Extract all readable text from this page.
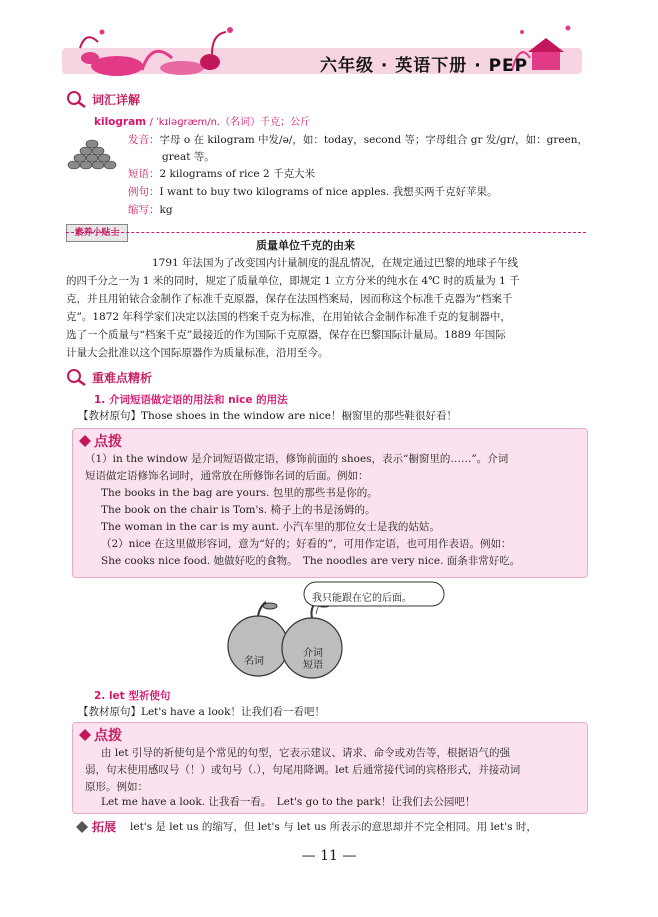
六年级 · 英语下册 · PEP
词汇详解
kilogram / ˈkɪləɡræm/n.（名词）千克；公斤
发音：字母 o 在 kilogram 中发/ə/，如：today，second 等；字母组合 gr 发/ɡr/，如：green，
great 等。
短语：2 kilograms of rice 2 千克大米
例句：I want to buy two kilograms of nice apples. 我想买两千克好苹果。
缩写：kg
素养小贴士
质量单位千克的由来
1791 年法国为了改变国内计量制度的混乱情况，在规定通过巴黎的地球子午线
的四千分之一为 1 米的同时，规定了质量单位，即规定 1 立方分米的纯水在 4℃ 时的质量为 1 千
克，并且用铂铱合金制作了标准千克原器，保存在法国档案局，因而称这个标准千克器为“档案千
克”。1872 年科学家们决定以法国的档案千克为标准，在用铂铱合金制作标准千克的复制器中，
选了一个质量与“档案千克”最接近的作为国际千克原器，保存在巴黎国际计量局。1889 年国际
计量大会批准以这个国际原器作为质量标准，沿用至今。
重难点精析
1. 介词短语做定语的用法和 nice 的用法
【教材原句】Those shoes in the window are nice！橱窗里的那些鞋很好看！
点拨
（1）in the window 是介词短语做定语，修饰前面的 shoes，表示“橱窗里的……”。介词
短语做定语修饰名词时，通常放在所修饰名词的后面。例如：
The books in the bag are yours. 包里的那些书是你的。
The book on the chair is Tom's. 椅子上的书是汤姆的。
The woman in the car is my aunt. 小汽车里的那位女士是我的姑姑。
（2）nice 在这里做形容词，意为“好的；好看的”，可用作定语，也可用作表语。例如：
She cooks nice food. 她做好吃的食物。　The noodles are very nice. 面条非常好吃。
我只能跟在它的后面。
名词
介词短语
2. let 型祈使句
【教材原句】Let's have a look！让我们看一看吧！
点拨
由 let 引导的祈使句是个常见的句型，它表示建议、请求、命令或劝告等，根据语气的强
弱，句末使用感叹号（！）或句号（.），句尾用降调。let 后通常接代词的宾格形式，并接动词
原形。例如：
Let me have a look. 让我看一看。　Let's go to the park！让我们去公园吧！
拓展 let's 是 let us 的缩写，但 let's 与 let us 所表示的意思却并不完全相同。用 let's 时，
— 11 —
